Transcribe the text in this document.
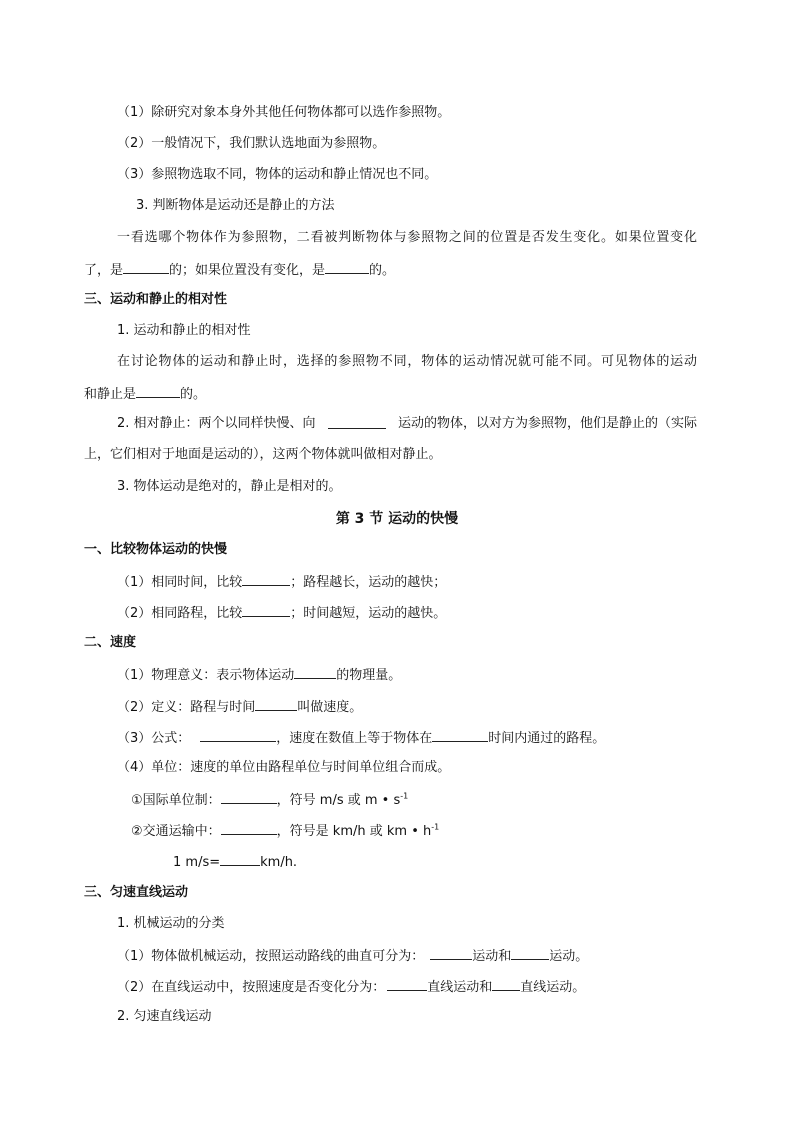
（1）除研究对象本身外其他任何物体都可以选作参照物。
（2）一般情况下，我们默认选地面为参照物。
（3）参照物选取不同，物体的运动和静止情况也不同。
3. 判断物体是运动还是静止的方法
一看选哪个物体作为参照物，二看被判断物体与参照物之间的位置是否发生变化。如果位置变化
了，是	的；如果位置没有变化，是	的。
三、运动和静止的相对性
1. 运动和静止的相对性
在讨论物体的运动和静止时，选择的参照物不同，物体的运动情况就可能不同。可见物体的运动
和静止是	的。
2. 相对静止：两个以同样快慢、向	运动的物体，以对方为参照物，他们是静止的（实际
上，它们相对于地面是运动的），这两个物体就叫做相对静止。
3. 物体运动是绝对的，静止是相对的。
第 3 节 运动的快慢
一、比较物体运动的快慢
（1）相同时间，比较	；路程越长，运动的越快；
（2）相同路程，比较	；时间越短，运动的越快。
二、速度
（1）物理意义：表示物体运动	的物理量。
（2）定义：路程与时间	叫做速度。
（3）公式：	，速度在数值上等于物体在	时间内通过的路程。
（4）单位：速度的单位由路程单位与时间单位组合而成。
①国际单位制：	，符号 m/s 或 m • $s^{-1}$
②交通运输中：	，符号是 km/h 或 km • $h^{-1}$
1 m/s=	km/h.
三、匀速直线运动
1. 机械运动的分类
（1）物体做机械运动，按照运动路线的曲直可分为：	运动和	运动。
（2）在直线运动中，按照速度是否变化分为：	直线运动和 直线运动。
2. 匀速直线运动
